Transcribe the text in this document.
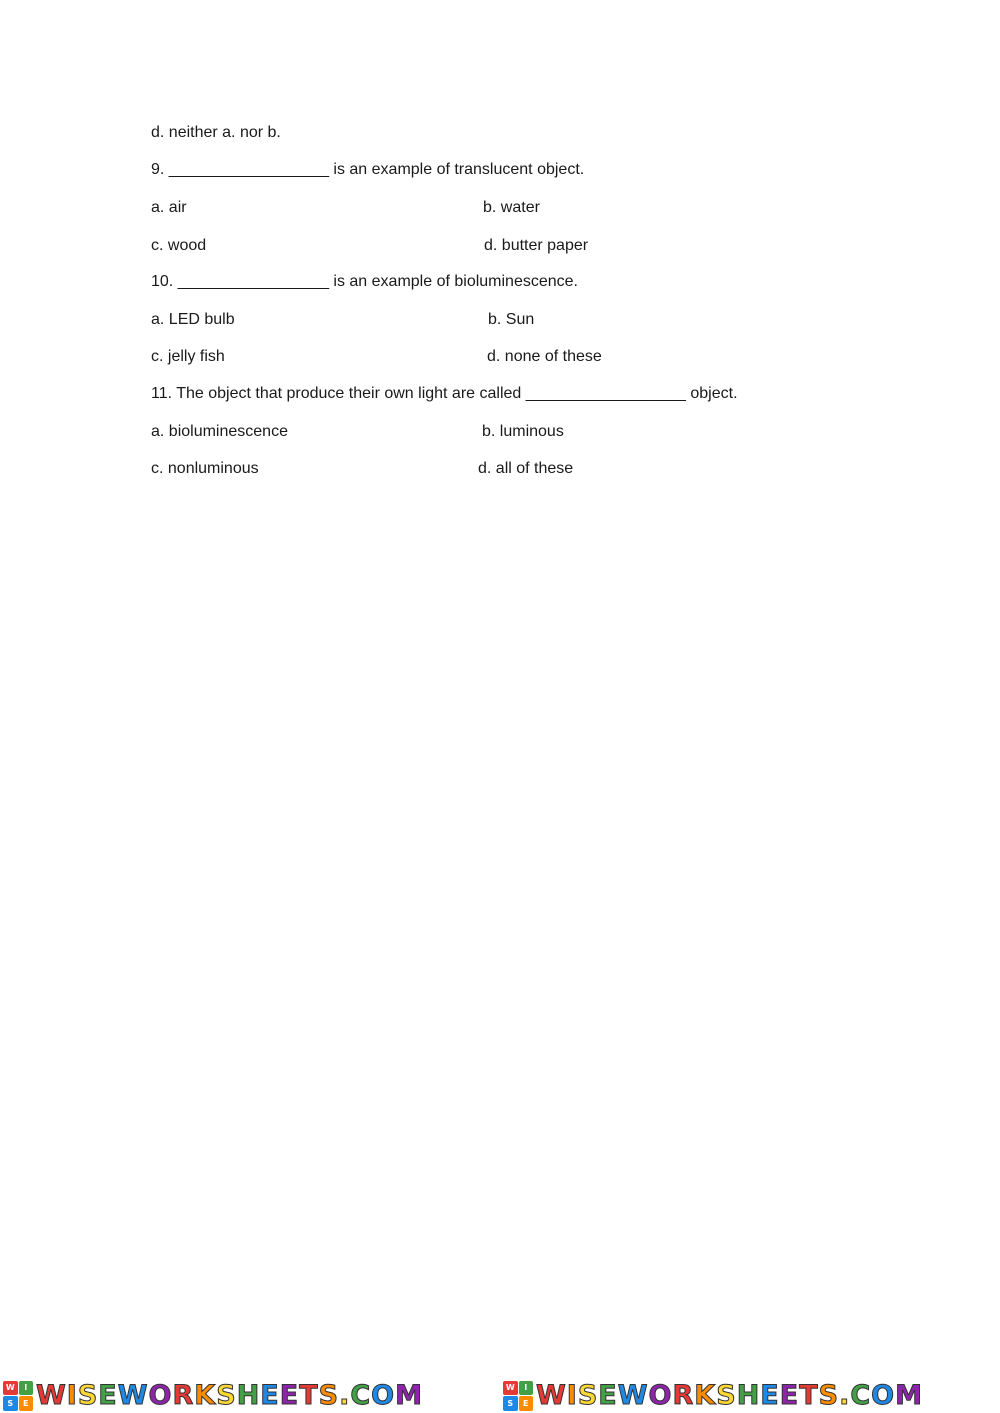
d. neither a. nor b.
9. __________________ is an example of translucent object.
a. air	b. water
c. wood	d. butter paper
10. _________________ is an example of bioluminescence.
a. LED bulb	b. Sun
c. jelly fish	d. none of these
11. The object that produce their own light are called __________________ object.
a. bioluminescence	b. luminous
c. nonluminous	d. all of these
W	I
S	E W I S E W O R K S H E E T S . C O M	W	I
S	E W I S E W O R K S H E E T S . C O M
